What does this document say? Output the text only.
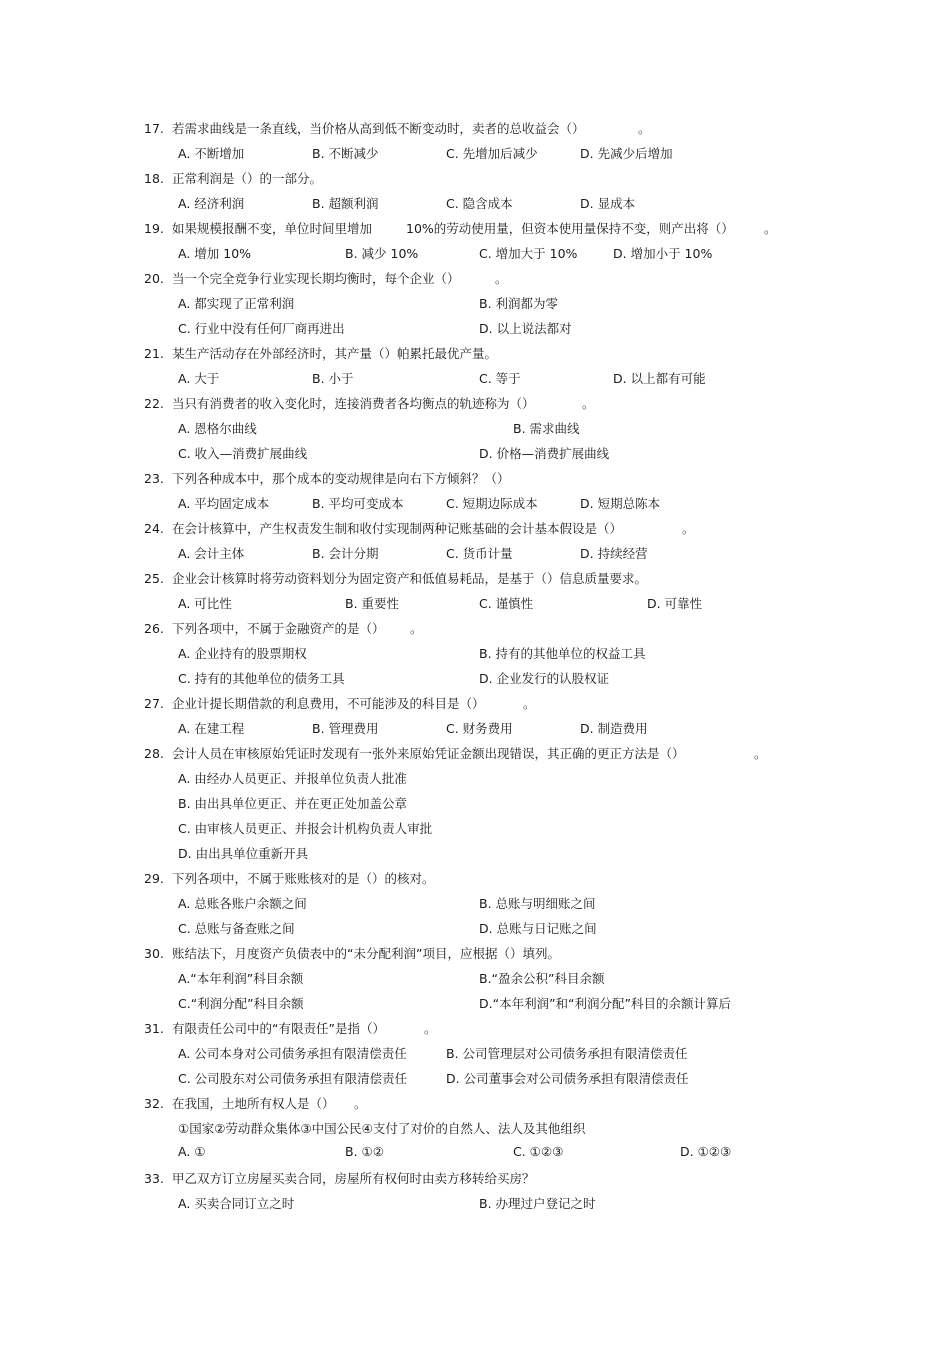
17. 若需求曲线是一条直线，当价格从高到低不断变动时，卖者的总收益会（）	。
A. 不断增加	B. 不断减少	C. 先增加后减少	D. 先减少后增加
18. 正常利润是（）的一部分。
A. 经济利润	B. 超额利润	C. 隐含成本	D. 显成本
19. 如果规模报酬不变，单位时间里增加	10%的劳动使用量，但资本使用量保持不变，则产出将（） 。
A. 增加 10%	B. 减少 10%	C. 增加大于 10%	D. 增加小于 10%
20. 当一个完全竞争行业实现长期均衡时，每个企业（）	。
A. 都实现了正常利润	B. 利润都为零
C. 行业中没有任何厂商再进出	D. 以上说法都对
21. 某生产活动存在外部经济时，其产量（）帕累托最优产量。
A. 大于	B. 小于	C. 等于	D. 以上都有可能
22. 当只有消费者的收入变化时，连接消费者各均衡点的轨迹称为（）	。
A. 恩格尔曲线	B. 需求曲线
C. 收入—消费扩展曲线	D. 价格—消费扩展曲线
23. 下列各种成本中，那个成本的变动规律是向右下方倾斜？（）
A. 平均固定成本	B. 平均可变成本	C. 短期边际成本	D. 短期总陈本
24. 在会计核算中，产生权责发生制和收付实现制两种记账基础的会计基本假设是（）	。
A. 会计主体	B. 会计分期	C. 货币计量	D. 持续经营
25. 企业会计核算时将劳动资料划分为固定资产和低值易耗品，是基于（）信息质量要求。
A. 可比性	B. 重要性	C. 谨慎性	D. 可靠性
26. 下列各项中，不属于金融资产的是（） 。
A. 企业持有的股票期权	B. 持有的其他单位的权益工具
C. 持有的其他单位的债务工具	D. 企业发行的认股权证
27. 企业计提长期借款的利息费用，不可能涉及的科目是（）	。
A. 在建工程	B. 管理费用	C. 财务费用	D. 制造费用
28. 会计人员在审核原始凭证时发现有一张外来原始凭证金额出现错误，其正确的更正方法是（）	。
A. 由经办人员更正、并报单位负责人批准
B. 由出具单位更正、并在更正处加盖公章
C. 由审核人员更正、并报会计机构负责人审批
D. 由出具单位重新开具
29. 下列各项中，不属于账账核对的是（）的核对。
A. 总账各账户余额之间	B. 总账与明细账之间
C. 总账与备查账之间	D. 总账与日记账之间
30. 账结法下，月度资产负债表中的“未分配利润”项目，应根据（）填列。
A.“本年利润”科目余额	B.“盈余公积”科目余额
C.“利润分配”科目余额	D.“本年利润”和“利润分配”科目的余额计算后
31. 有限责任公司中的“有限责任”是指（）	。
A. 公司本身对公司债务承担有限清偿责任	B. 公司管理层对公司债务承担有限清偿责任
C. 公司股东对公司债务承担有限清偿责任	D. 公司董事会对公司债务承担有限清偿责任
32. 在我国，土地所有权人是（） 。
①国家②劳动群众集体③中国公民④支付了对价的自然人、法人及其他组织
A. ①	B. ①②	C. ①②③	D. ①②③
33. 甲乙双方订立房屋买卖合同，房屋所有权何时由卖方移转给买房？
A. 买卖合同订立之时	B. 办理过户登记之时
